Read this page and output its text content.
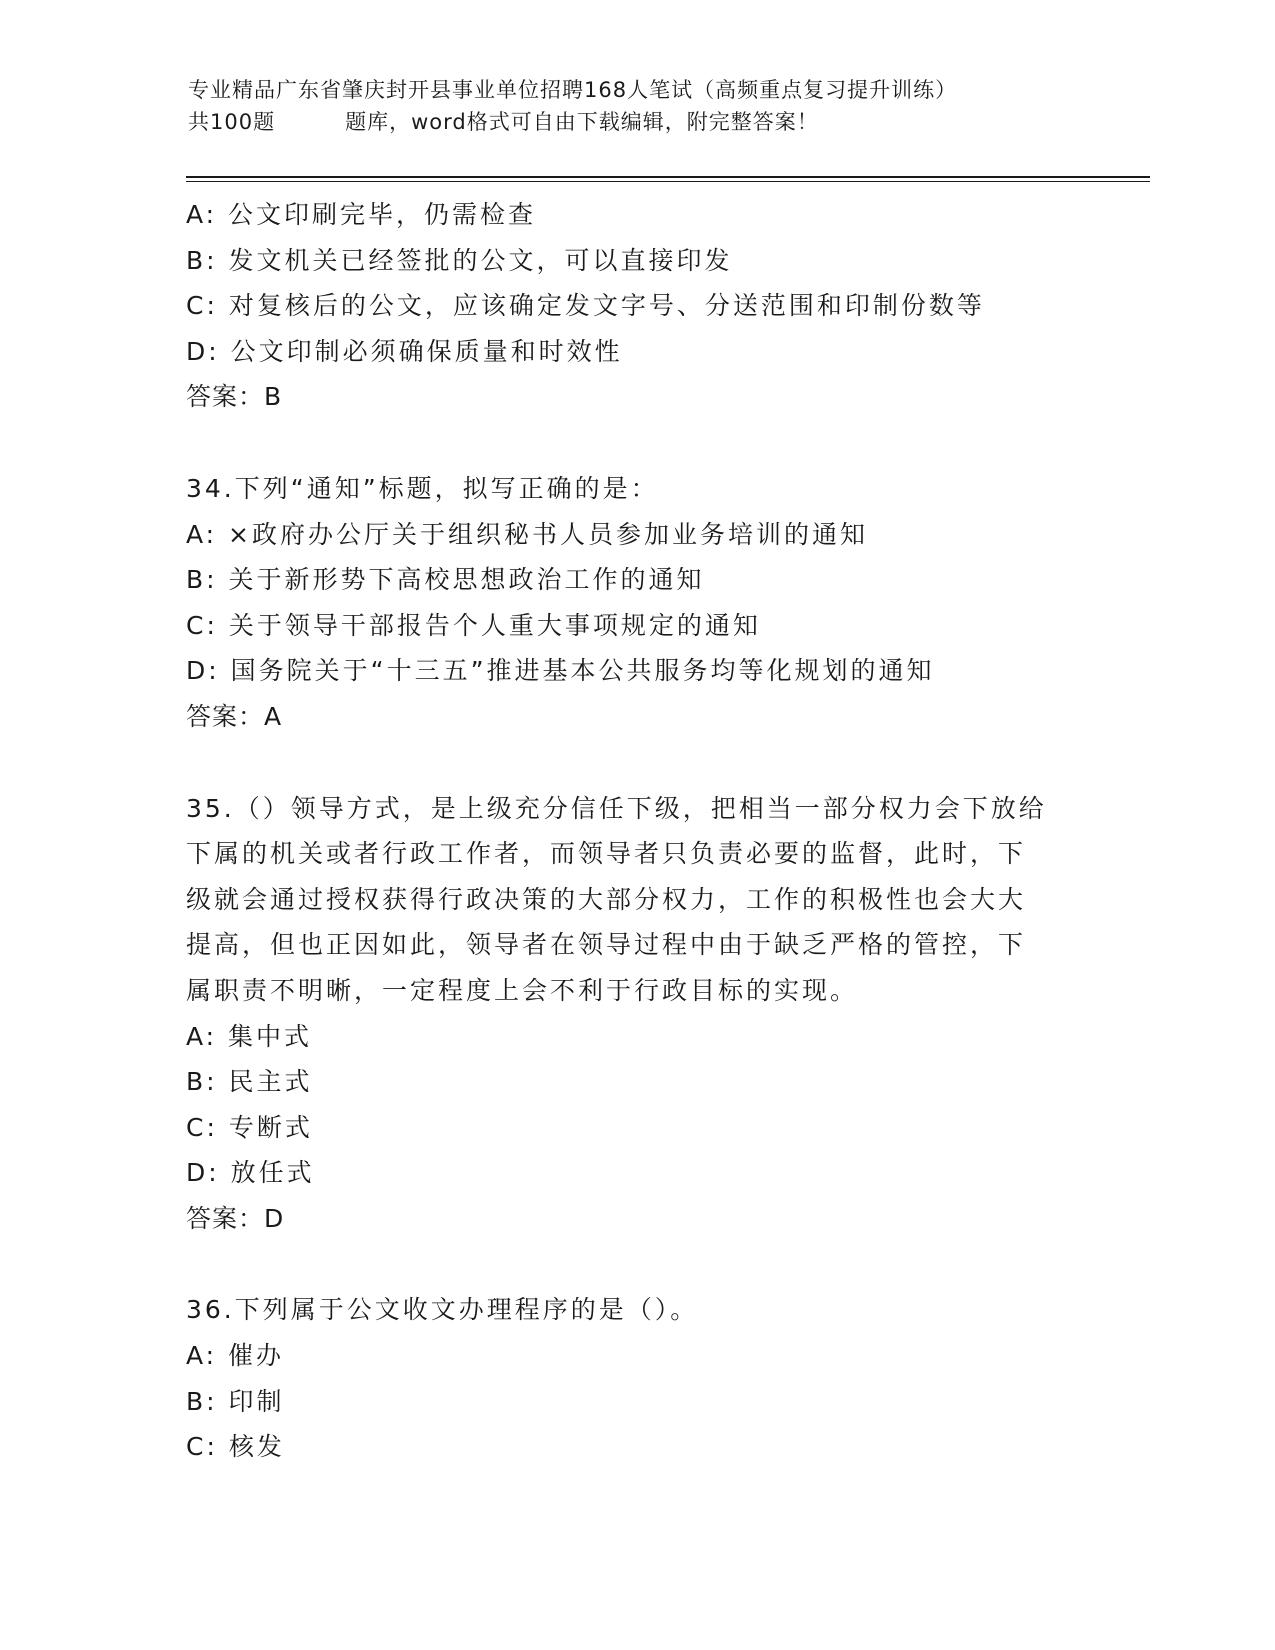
专业精品广东省肇庆封开县事业单位招聘168人笔试（高频重点复习提升训练）
共100题	题库，word格式可自由下载编辑，附完整答案！
A: 公文印刷完毕，仍需检查
B: 发文机关已经签批的公文，可以直接印发
C: 对复核后的公文，应该确定发文字号、分送范围和印制份数等
D: 公文印制必须确保质量和时效性
答案：B
34.下列“通知”标题，拟写正确的是：
A: ×政府办公厅关于组织秘书人员参加业务培训的通知
B: 关于新形势下高校思想政治工作的通知
C: 关于领导干部报告个人重大事项规定的通知
D: 国务院关于“十三五”推进基本公共服务均等化规划的通知
答案：A
35.（）领导方式，是上级充分信任下级，把相当一部分权力会下放给
下属的机关或者行政工作者，而领导者只负责必要的监督，此时，下
级就会通过授权获得行政决策的大部分权力，工作的积极性也会大大
提高，但也正因如此，领导者在领导过程中由于缺乏严格的管控，下
属职责不明晰，一定程度上会不利于行政目标的实现。
A: 集中式
B: 民主式
C: 专断式
D: 放任式
答案：D
36.下列属于公文收文办理程序的是（）。
A: 催办
B: 印制
C: 核发
